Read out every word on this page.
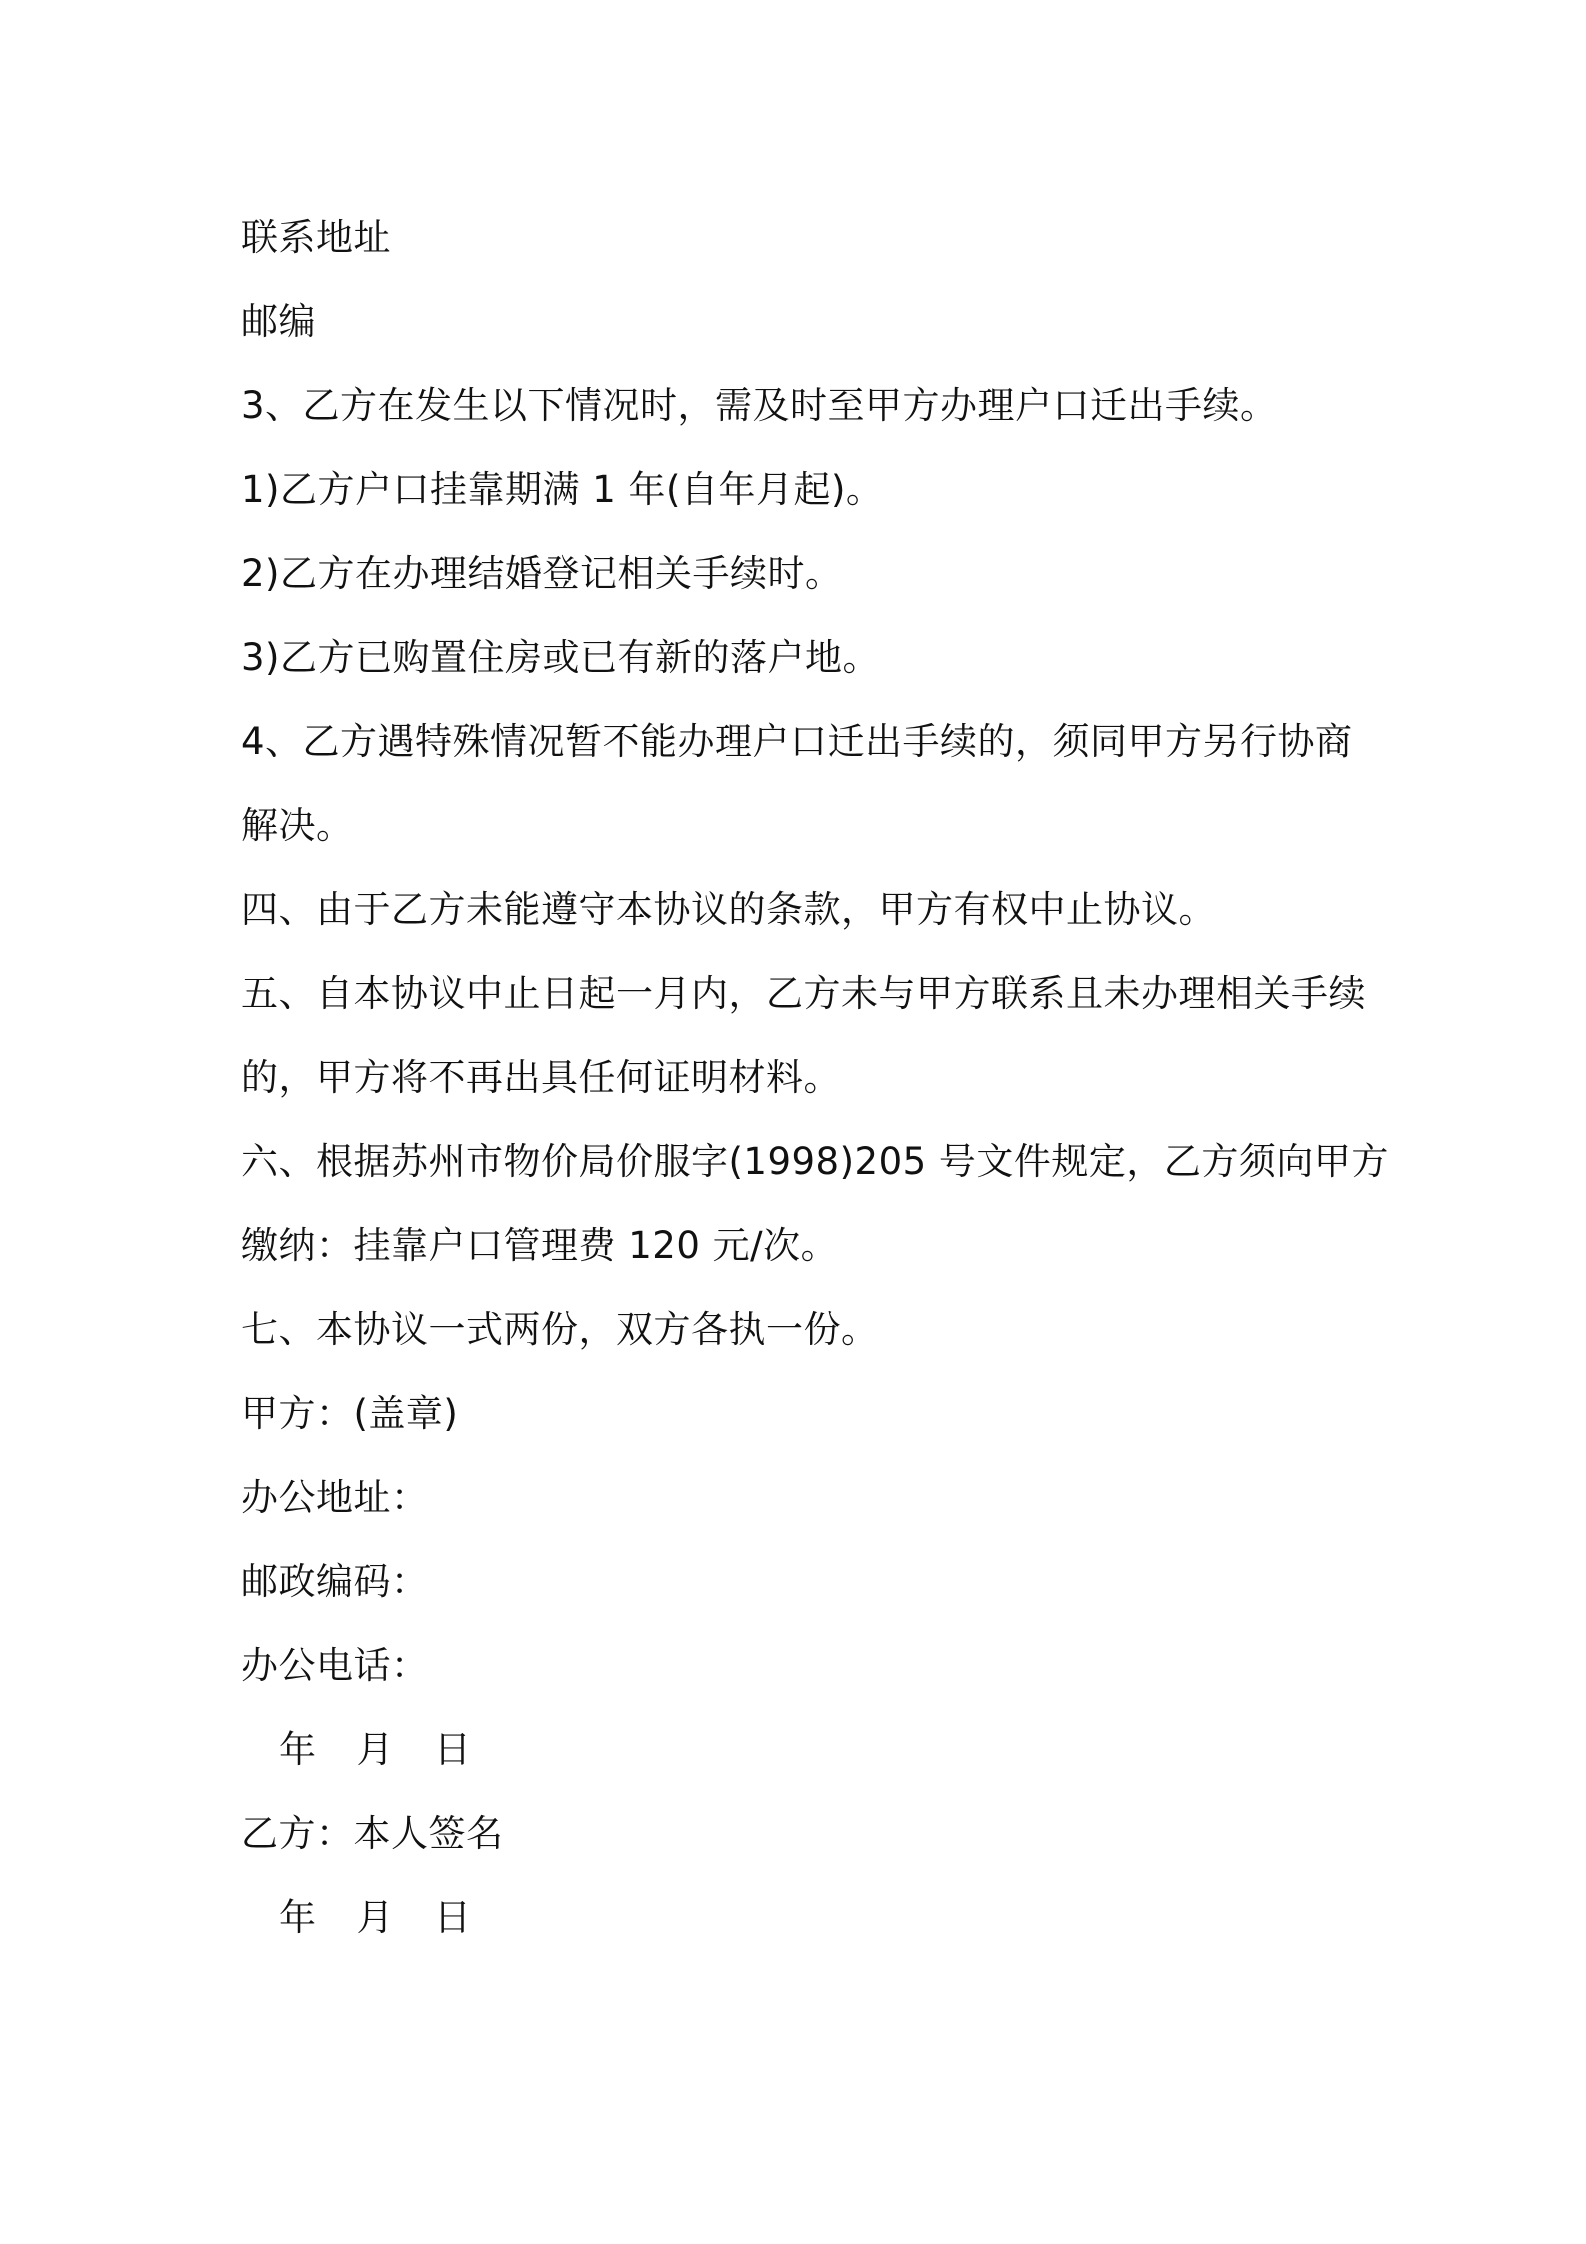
联系地址
邮编
3、乙方在发生以下情况时，需及时至甲方办理户口迁出手续。
1)乙方户口挂靠期满 1 年(自年月起)。
2)乙方在办理结婚登记相关手续时。
3)乙方已购置住房或已有新的落户地。
4、乙方遇特殊情况暂不能办理户口迁出手续的，须同甲方另行协商
解决。
四、由于乙方未能遵守本协议的条款，甲方有权中止协议。
五、自本协议中止日起一月内，乙方未与甲方联系且未办理相关手续
的，甲方将不再出具任何证明材料。
六、根据苏州市物价局价服字(1998)205 号文件规定，乙方须向甲方
缴纳：挂靠户口管理费 120 元/次。
七、本协议一式两份，双方各执一份。
甲方：(盖章)
办公地址：
邮政编码：
办公电话：
年 月 日
乙方：本人签名
年 月 日
